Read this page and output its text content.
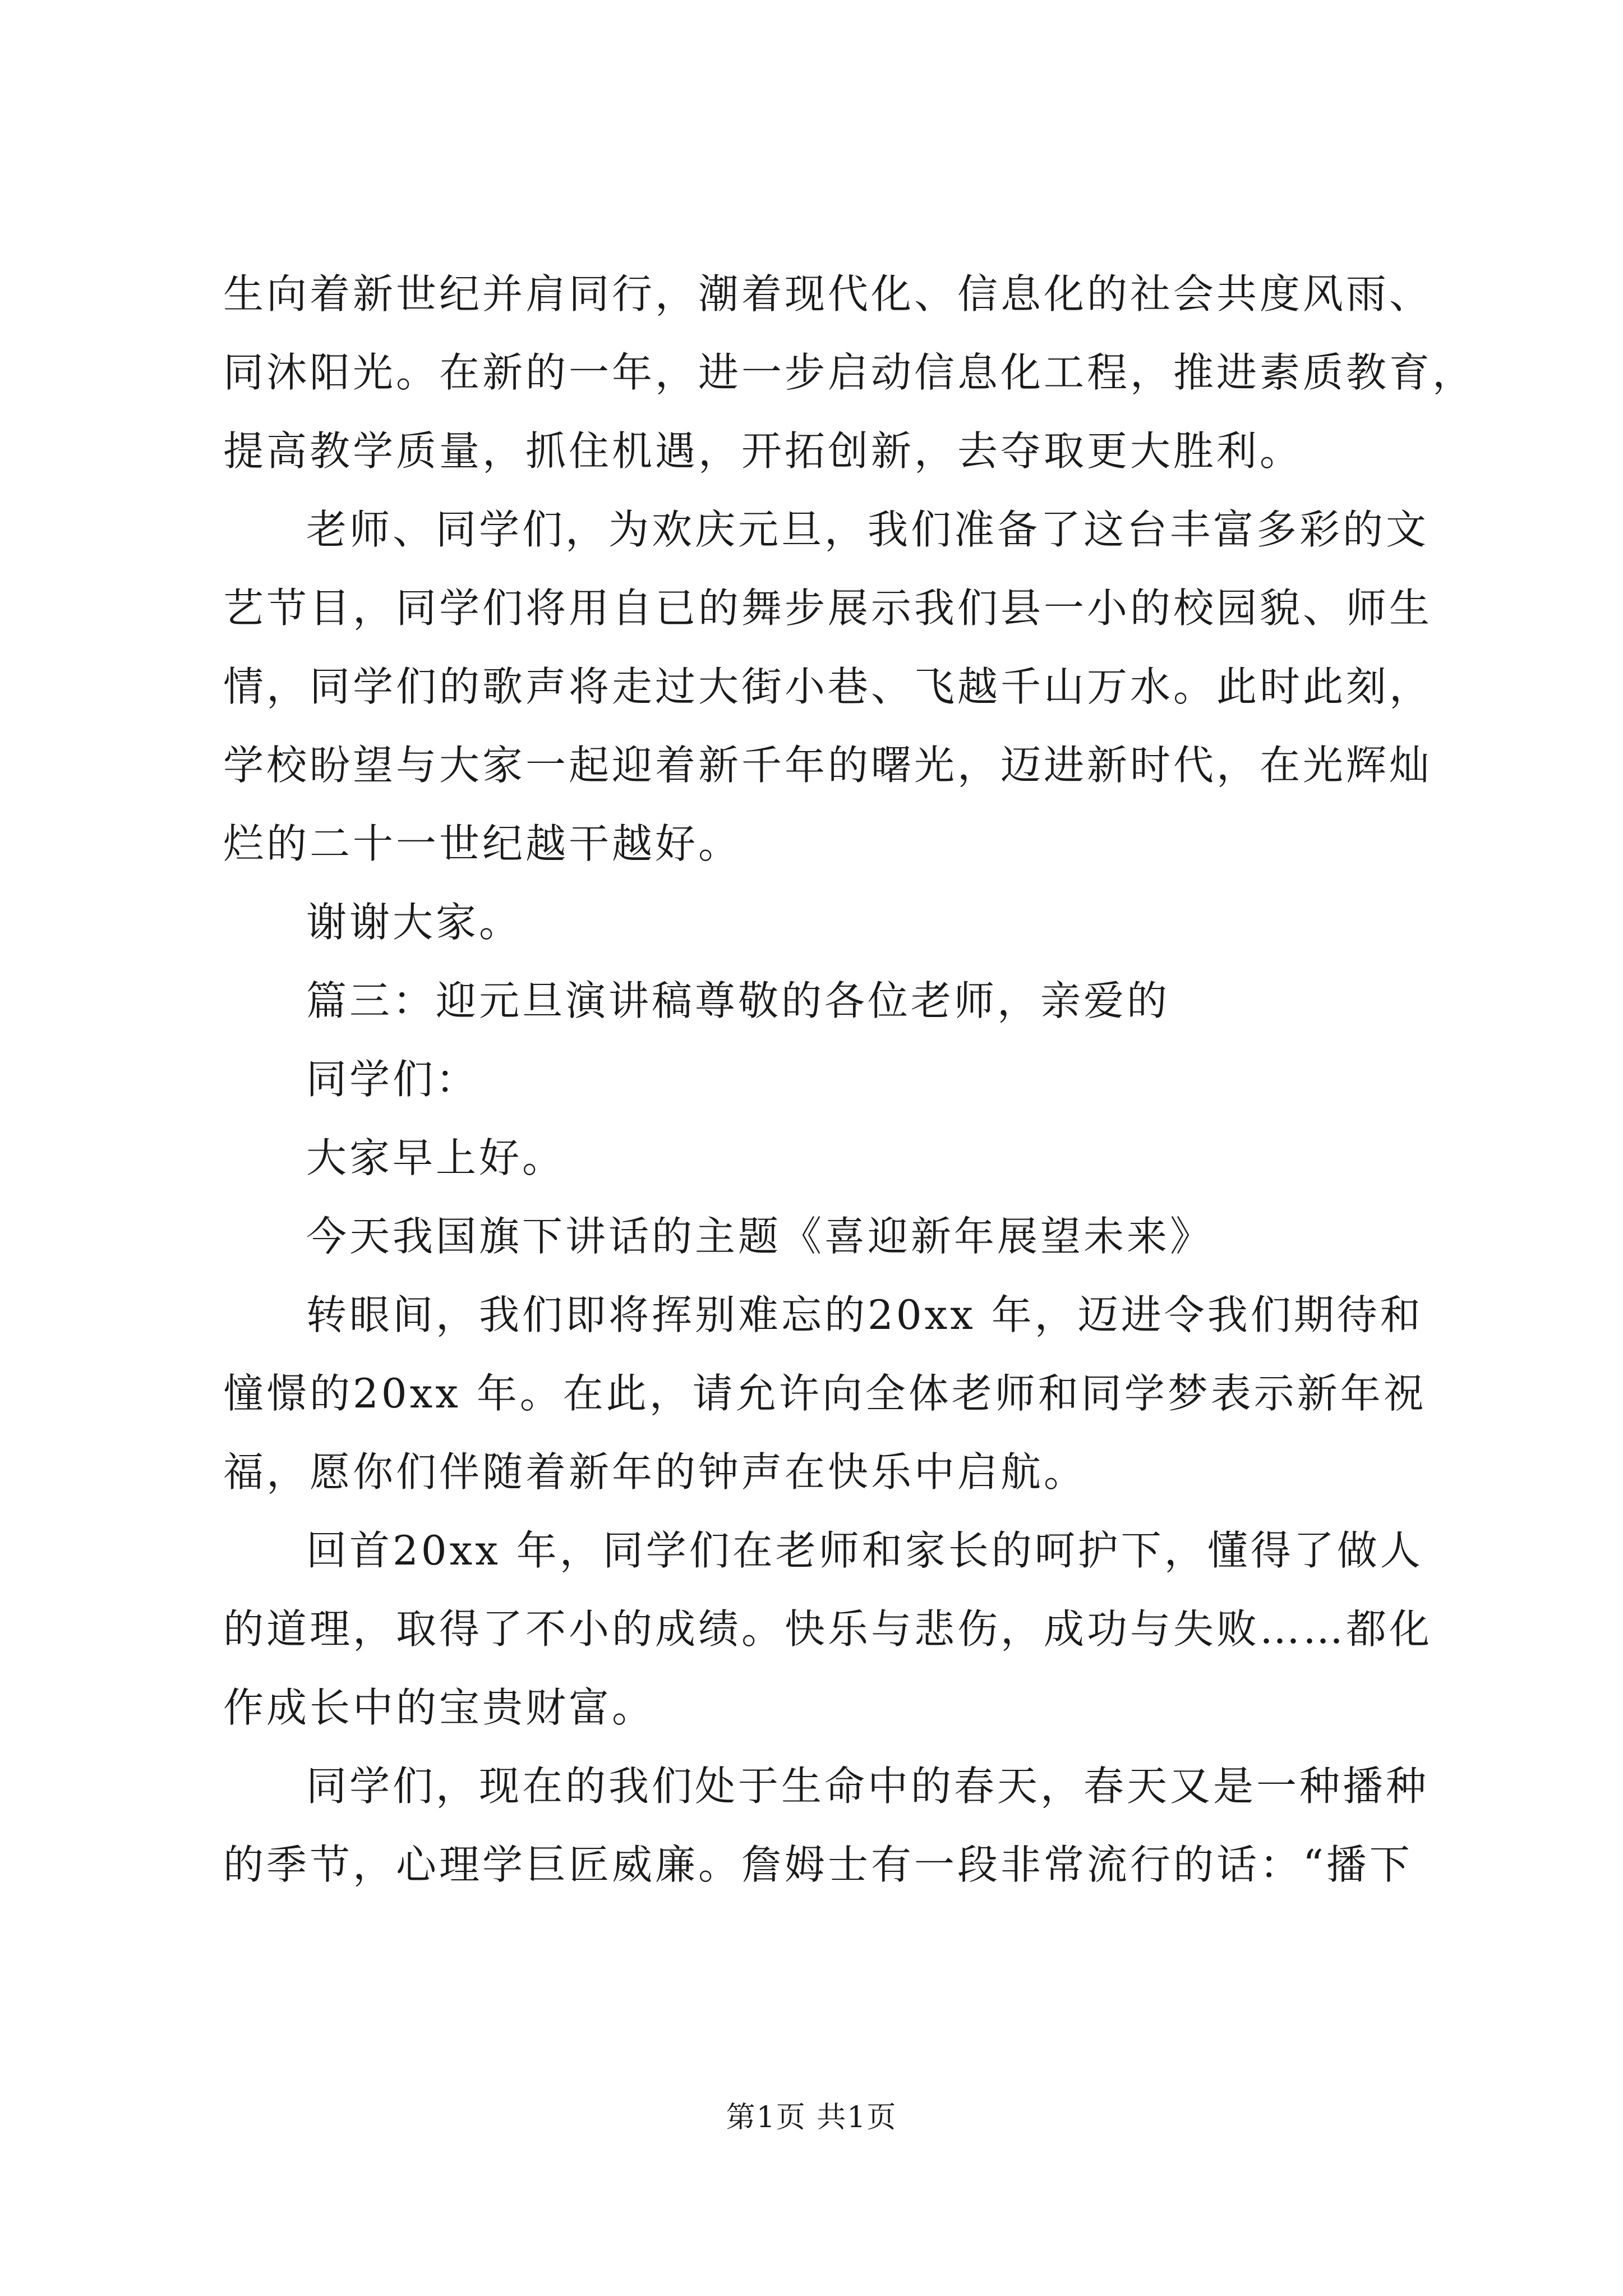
生向着新世纪并肩同行，潮着现代化、信息化的社会共度风雨、
同沐阳光。在新的一年，进一步启动信息化工程，推进素质教育，
提高教学质量，抓住机遇，开拓创新，去夺取更大胜利。
老师、同学们，为欢庆元旦，我们准备了这台丰富多彩的文
艺节目，同学们将用自已的舞步展示我们县一小的校园貌、师生
情，同学们的歌声将走过大街小巷、飞越千山万水。此时此刻，
学校盼望与大家一起迎着新千年的曙光，迈进新时代，在光辉灿
烂的二十一世纪越干越好。
谢谢大家。
篇三：迎元旦演讲稿尊敬的各位老师，亲爱的
同学们：
大家早上好。
今天我国旗下讲话的主题《喜迎新年展望未来》
转眼间，我们即将挥别难忘的20xx 年，迈进令我们期待和
憧憬的20xx 年。在此，请允许向全体老师和同学梦表示新年祝
福，愿你们伴随着新年的钟声在快乐中启航。
回首20xx 年，同学们在老师和家长的呵护下，懂得了做人
的道理，取得了不小的成绩。快乐与悲伤，成功与失败……都化
作成长中的宝贵财富。
同学们，现在的我们处于生命中的春天，春天又是一种播种
的季节，心理学巨匠威廉。詹姆士有一段非常流行的话：“播下
第1页 共1页
